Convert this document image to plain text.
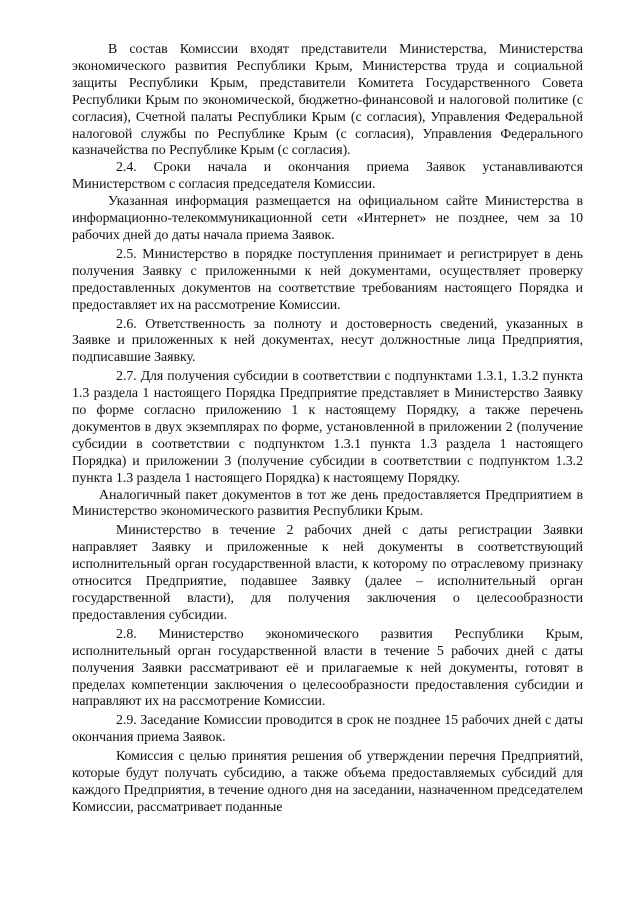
В состав Комиссии входят представители Министерства, Министерства экономического развития Республики Крым, Министерства труда и социальной защиты Республики Крым, представители Комитета Государственного Совета Республики Крым по экономической, бюджетно-финансовой и налоговой политике (с согласия), Счетной палаты Республики Крым (с согласия), Управления Федеральной налоговой службы по Республике Крым (с согласия), Управления Федерального казначейства по Республике Крым (с согласия).

2.4. Сроки начала и окончания приема Заявок устанавливаются Министерством с согласия председателя Комиссии.

Указанная информация размещается на официальном сайте Министерства в информационно-телекоммуникационной сети «Интернет» не позднее, чем за 10 рабочих дней до даты начала приема Заявок.

2.5. Министерство в порядке поступления принимает и регистрирует в день получения Заявку с приложенными к ней документами, осуществляет проверку предоставленных документов на соответствие требованиям настоящего Порядка и предоставляет их на рассмотрение Комиссии.

2.6. Ответственность за полноту и достоверность сведений, указанных в Заявке и приложенных к ней документах, несут должностные лица Предприятия, подписавшие Заявку.

2.7. Для получения субсидии в соответствии с подпунктами 1.3.1, 1.3.2 пункта 1.3 раздела 1 настоящего Порядка Предприятие представляет в Министерство Заявку по форме согласно приложению 1 к настоящему Порядку, а также перечень документов в двух экземплярах по форме, установленной в приложении 2 (получение субсидии в соответствии с подпунктом 1.3.1 пункта 1.3 раздела 1 настоящего Порядка) и приложении 3 (получение субсидии в соответствии с подпунктом 1.3.2 пункта 1.3 раздела 1 настоящего Порядка) к настоящему Порядку.

Аналогичный пакет документов в тот же день предоставляется Предприятием в Министерство экономического развития Республики Крым.

Министерство в течение 2 рабочих дней с даты регистрации Заявки направляет Заявку и приложенные к ней документы в соответствующий исполнительный орган государственной власти, к которому по отраслевому признаку относится Предприятие, подавшее Заявку (далее – исполнительный орган государственной власти), для получения заключения о целесообразности предоставления субсидии.

2.8. Министерство экономического развития Республики Крым, исполнительный орган государственной власти в течение 5 рабочих дней с даты получения Заявки рассматривают её и прилагаемые к ней документы, готовят в пределах компетенции заключения о целесообразности предоставления субсидии и направляют их на рассмотрение Комиссии.

2.9. Заседание Комиссии проводится в срок не позднее 15 рабочих дней с даты окончания приема Заявок.

Комиссия с целью принятия решения об утверждении перечня Предприятий, которые будут получать субсидию, а также объема предоставляемых субсидий для каждого Предприятия, в течение одного дня на заседании, назначенном председателем Комиссии, рассматривает поданные
